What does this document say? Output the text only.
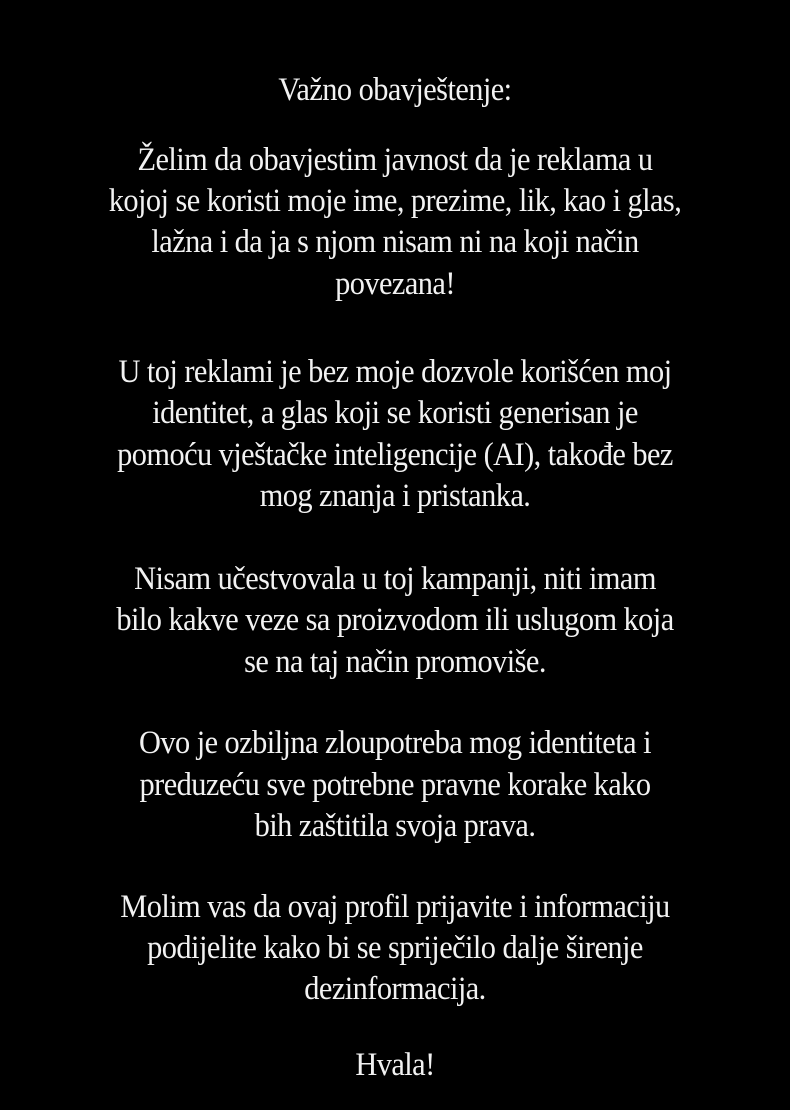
Važno obavještenje:
Želim da obavjestim javnost da je reklama u
kojoj se koristi moje ime, prezime, lik, kao i glas,
lažna i da ja s njom nisam ni na koji način
povezana!
U toj reklami je bez moje dozvole korišćen moj
identitet, a glas koji se koristi generisan je
pomoću vještačke inteligencije (AI), takođe bez
mog znanja i pristanka.
Nisam učestvovala u toj kampanji, niti imam
bilo kakve veze sa proizvodom ili uslugom koja
se na taj način promoviše.
Ovo je ozbiljna zloupotreba mog identiteta i
preduzeću sve potrebne pravne korake kako
bih zaštitila svoja prava.
Molim vas da ovaj profil prijavite i informaciju
podijelite kako bi se spriječilo dalje širenje
dezinformacija.
Hvala!
